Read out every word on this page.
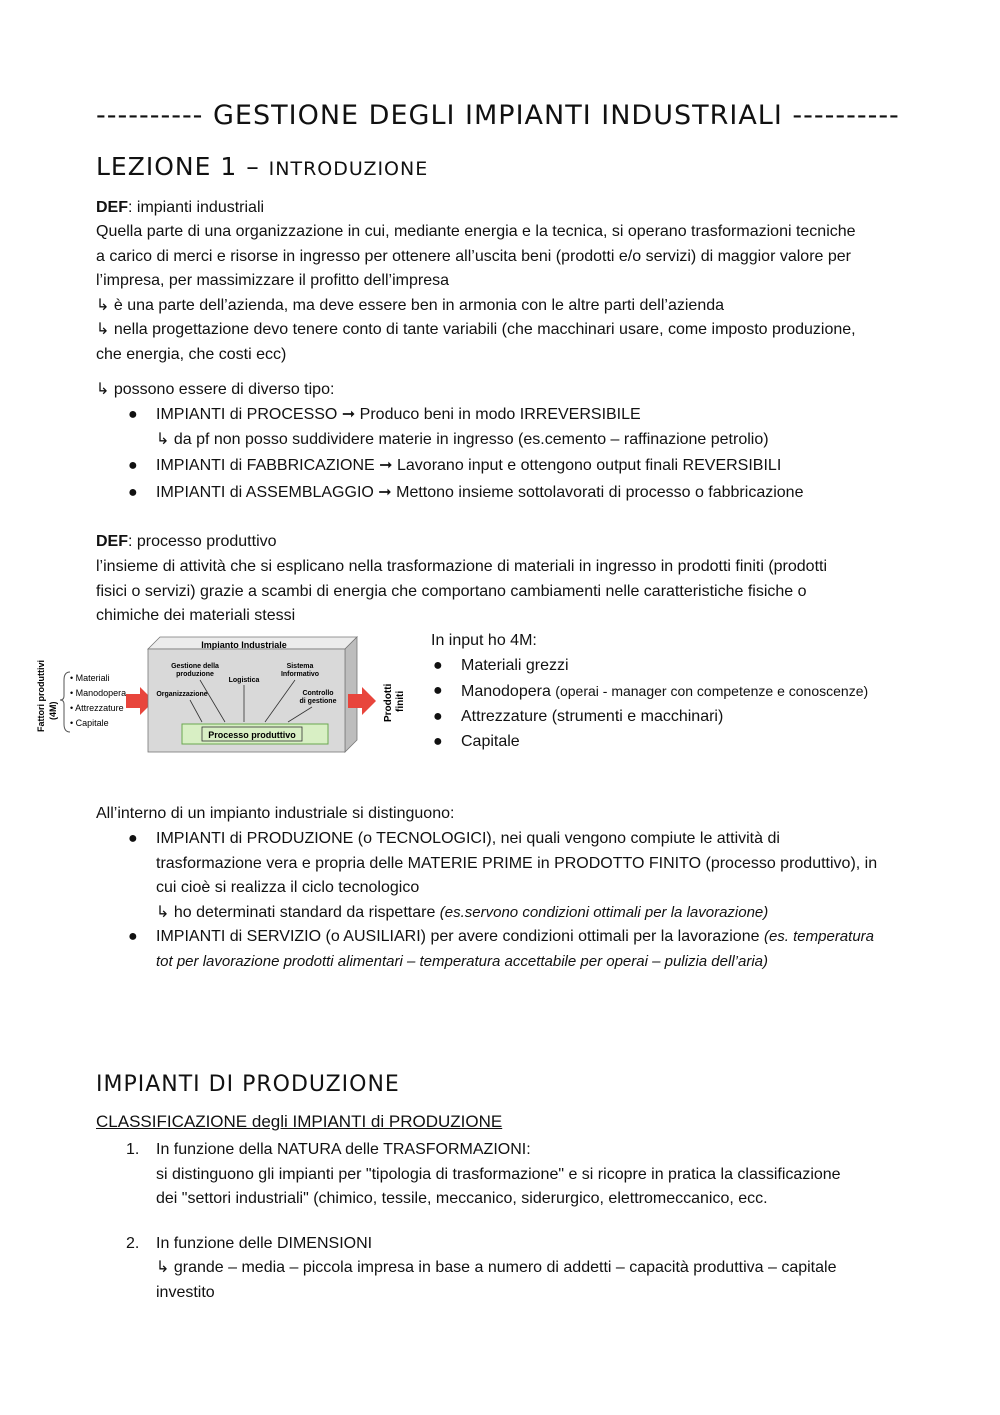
---------- GESTIONE DEGLI IMPIANTI INDUSTRIALI ----------
LEZIONE 1 – INTRODUZIONE
DEF: impianti industriali
Quella parte di una organizzazione in cui, mediante energia e la tecnica, si operano trasformazioni tecniche
a carico di merci e risorse in ingresso per ottenere all’uscita beni (prodotti e/o servizi) di maggior valore per
l’impresa, per massimizzare il profitto dell’impresa
↳ è una parte dell’azienda, ma deve essere ben in armonia con le altre parti dell’azienda
↳ nella progettazione devo tenere conto di tante variabili (che macchinari usare, come imposto produzione,
che energia, che costi ecc)
↳ possono essere di diverso tipo:
● IMPIANTI di PROCESSO ➞ Produco beni in modo IRREVERSIBILE
↳ da pf non posso suddividere materie in ingresso (es.cemento – raffinazione petrolio)
● IMPIANTI di FABBRICAZIONE ➞ Lavorano input e ottengono output finali REVERSIBILI
● IMPIANTI di ASSEMBLAGGIO ➞ Mettono insieme sottolavorati di processo o fabbricazione
DEF: processo produttivo
l’insieme di attività che si esplicano nella trasformazione di materiali in ingresso in prodotti finiti (prodotti
fisici o servizi) grazie a scambi di energia che comportano cambiamenti nelle caratteristiche fisiche o
chimiche dei materiali stessi
Fattori produttivi (4M)
• Materiali
• Manodopera
• Attrezzature
• Capitale
Impianto Industriale
Gestione della
produzione
Logistica
Sistema
Informativo
Organizzazione	Controllo
di gestione
Processo produttivo
Prodotti finiti
In input ho 4M:
● Materiali grezzi
● Manodopera (operai - manager con competenze e conoscenze)
● Attrezzature (strumenti e macchinari)
● Capitale
All’interno di un impianto industriale si distinguono:
● IMPIANTI di PRODUZIONE (o TECNOLOGICI), nei quali vengono compiute le attività di
trasformazione vera e propria delle MATERIE PRIME in PRODOTTO FINITO (processo produttivo), in
cui cioè si realizza il ciclo tecnologico
↳ ho determinati standard da rispettare (es.servono condizioni ottimali per la lavorazione)
● IMPIANTI di SERVIZIO (o AUSILIARI) per avere condizioni ottimali per la lavorazione (es. temperatura
tot per lavorazione prodotti alimentari – temperatura accettabile per operai – pulizia dell’aria)
IMPIANTI DI PRODUZIONE
CLASSIFICAZIONE degli IMPIANTI di PRODUZIONE
1. In funzione della NATURA delle TRASFORMAZIONI:
si distinguono gli impianti per "tipologia di trasformazione" e si ricopre in pratica la classificazione
dei "settori industriali" (chimico, tessile, meccanico, siderurgico, elettromeccanico, ecc.
2. In funzione delle DIMENSIONI
↳ grande – media – piccola impresa in base a numero di addetti – capacità produttiva – capitale
investito
